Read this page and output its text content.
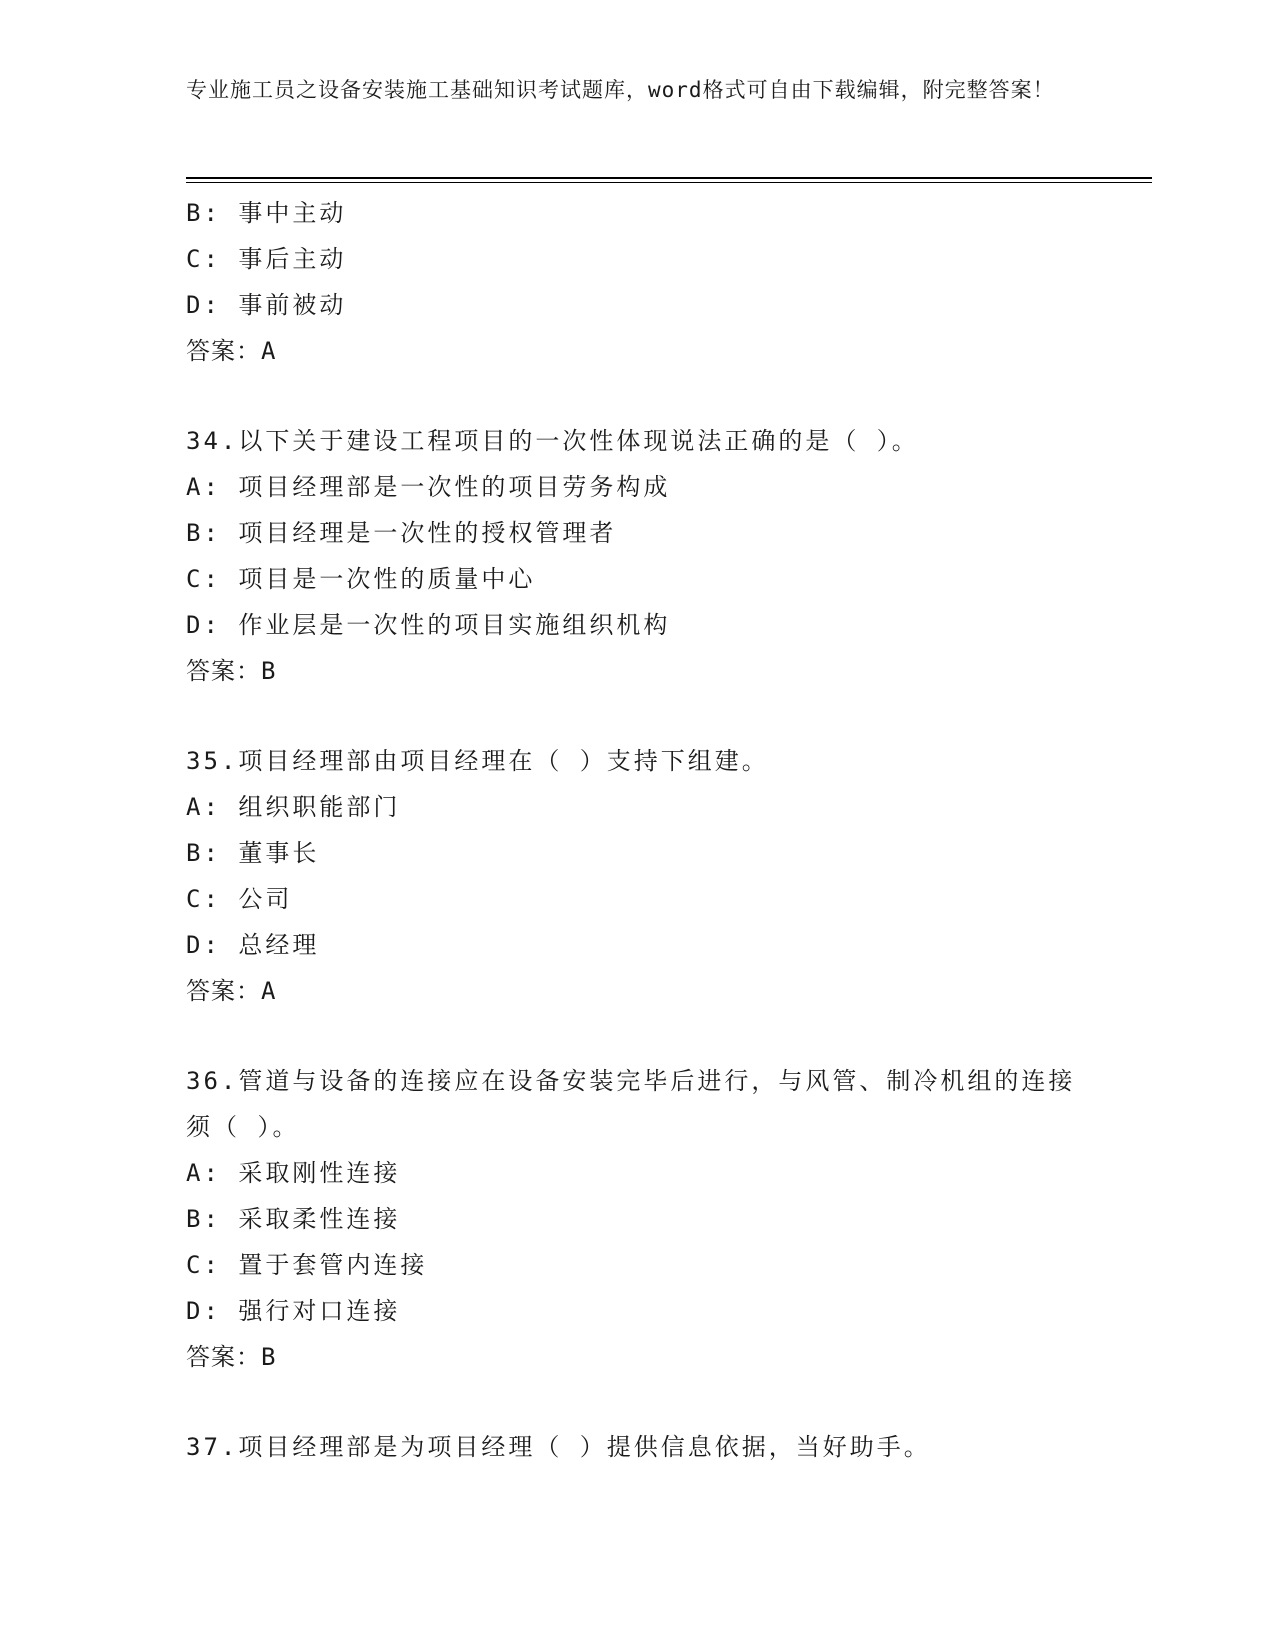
专业施工员之设备安装施工基础知识考试题库，word格式可自由下载编辑，附完整答案！
B: 事中主动
C: 事后主动
D: 事前被动
答案：A
34.以下关于建设工程项目的一次性体现说法正确的是（ ）。
A: 项目经理部是一次性的项目劳务构成
B: 项目经理是一次性的授权管理者
C: 项目是一次性的质量中心
D: 作业层是一次性的项目实施组织机构
答案：B
35.项目经理部由项目经理在（ ）支持下组建。
A: 组织职能部门
B: 董事长
C: 公司
D: 总经理
答案：A
36.管道与设备的连接应在设备安装完毕后进行，与风管、制冷机组的连接须（ ）。
A: 采取刚性连接
B: 采取柔性连接
C: 置于套管内连接
D: 强行对口连接
答案：B
37.项目经理部是为项目经理（ ）提供信息依据，当好助手。
